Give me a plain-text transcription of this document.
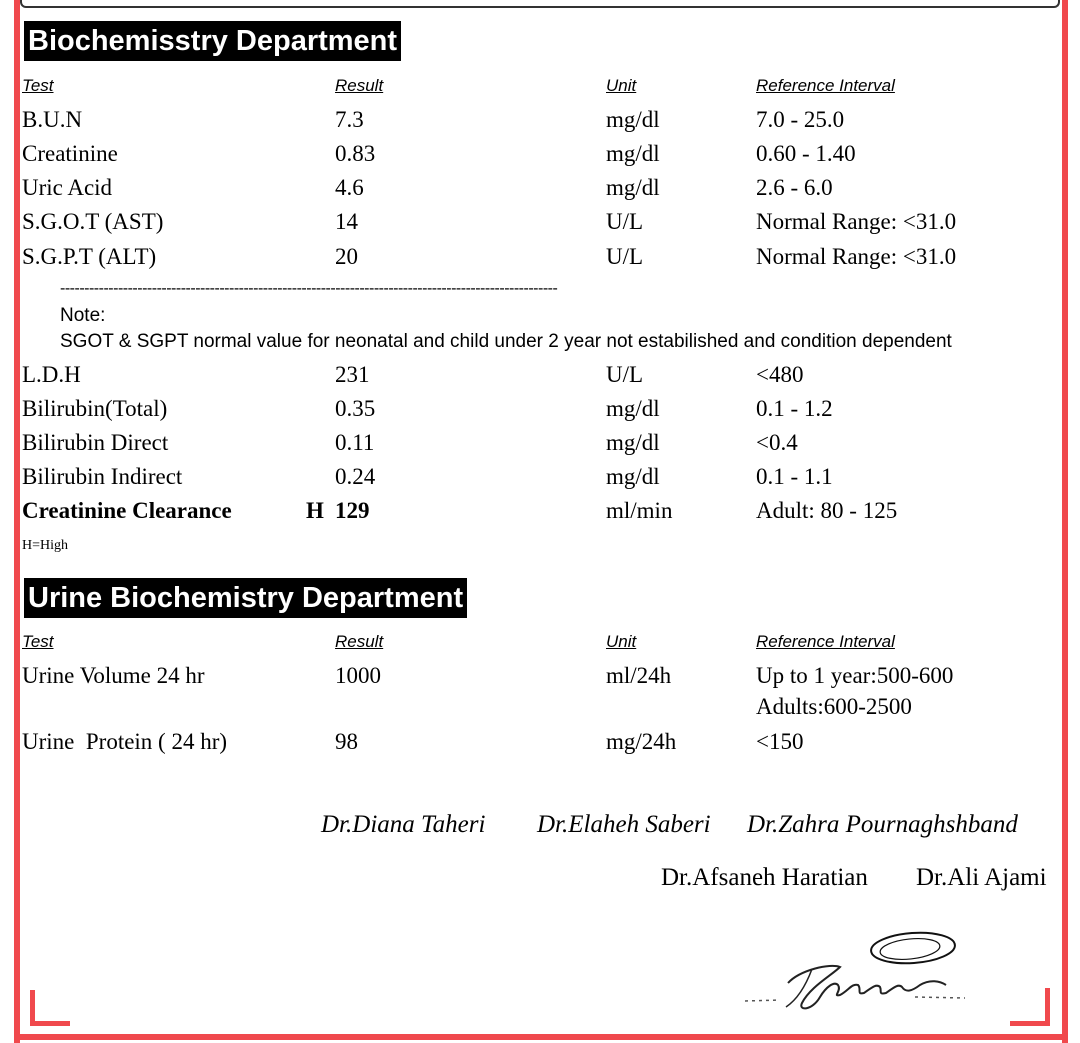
Biochemisstry Department
Test	Result	Unit	Reference Interval
B.U.N	7.3	mg/dl	7.0 - 25.0
Creatinine	0.83	mg/dl	0.60 - 1.40
Uric Acid	4.6	mg/dl	2.6 - 6.0
S.G.O.T (AST)	14	U/L	Normal Range: <31.0
S.G.P.T (ALT)	20	U/L	Normal Range: <31.0
-------------------------------------------------------------------------------------------------------
Note:
SGOT & SGPT normal value for neonatal and child under 2 year not estabilished and condition dependent
L.D.H	231	U/L	<480
Bilirubin(Total)	0.35	mg/dl	0.1 - 1.2
Bilirubin Direct	0.11	mg/dl	<0.4
Bilirubin Indirect	0.24	mg/dl	0.1 - 1.1
Creatinine Clearance	H 129	ml/min	Adult: 80 - 125
H=High
Urine Biochemistry Department
Test	Result	Unit	Reference Interval
Urine Volume 24 hr	1000	ml/24h	Up to 1 year:500-600
Adults:600-2500
Urine  Protein ( 24 hr)	98	mg/24h	<150
Dr.Diana Taheri Dr.Elaheh Saberi Dr.Zahra Pournaghshband
Dr.Afsaneh Haratian Dr.Ali Ajami
